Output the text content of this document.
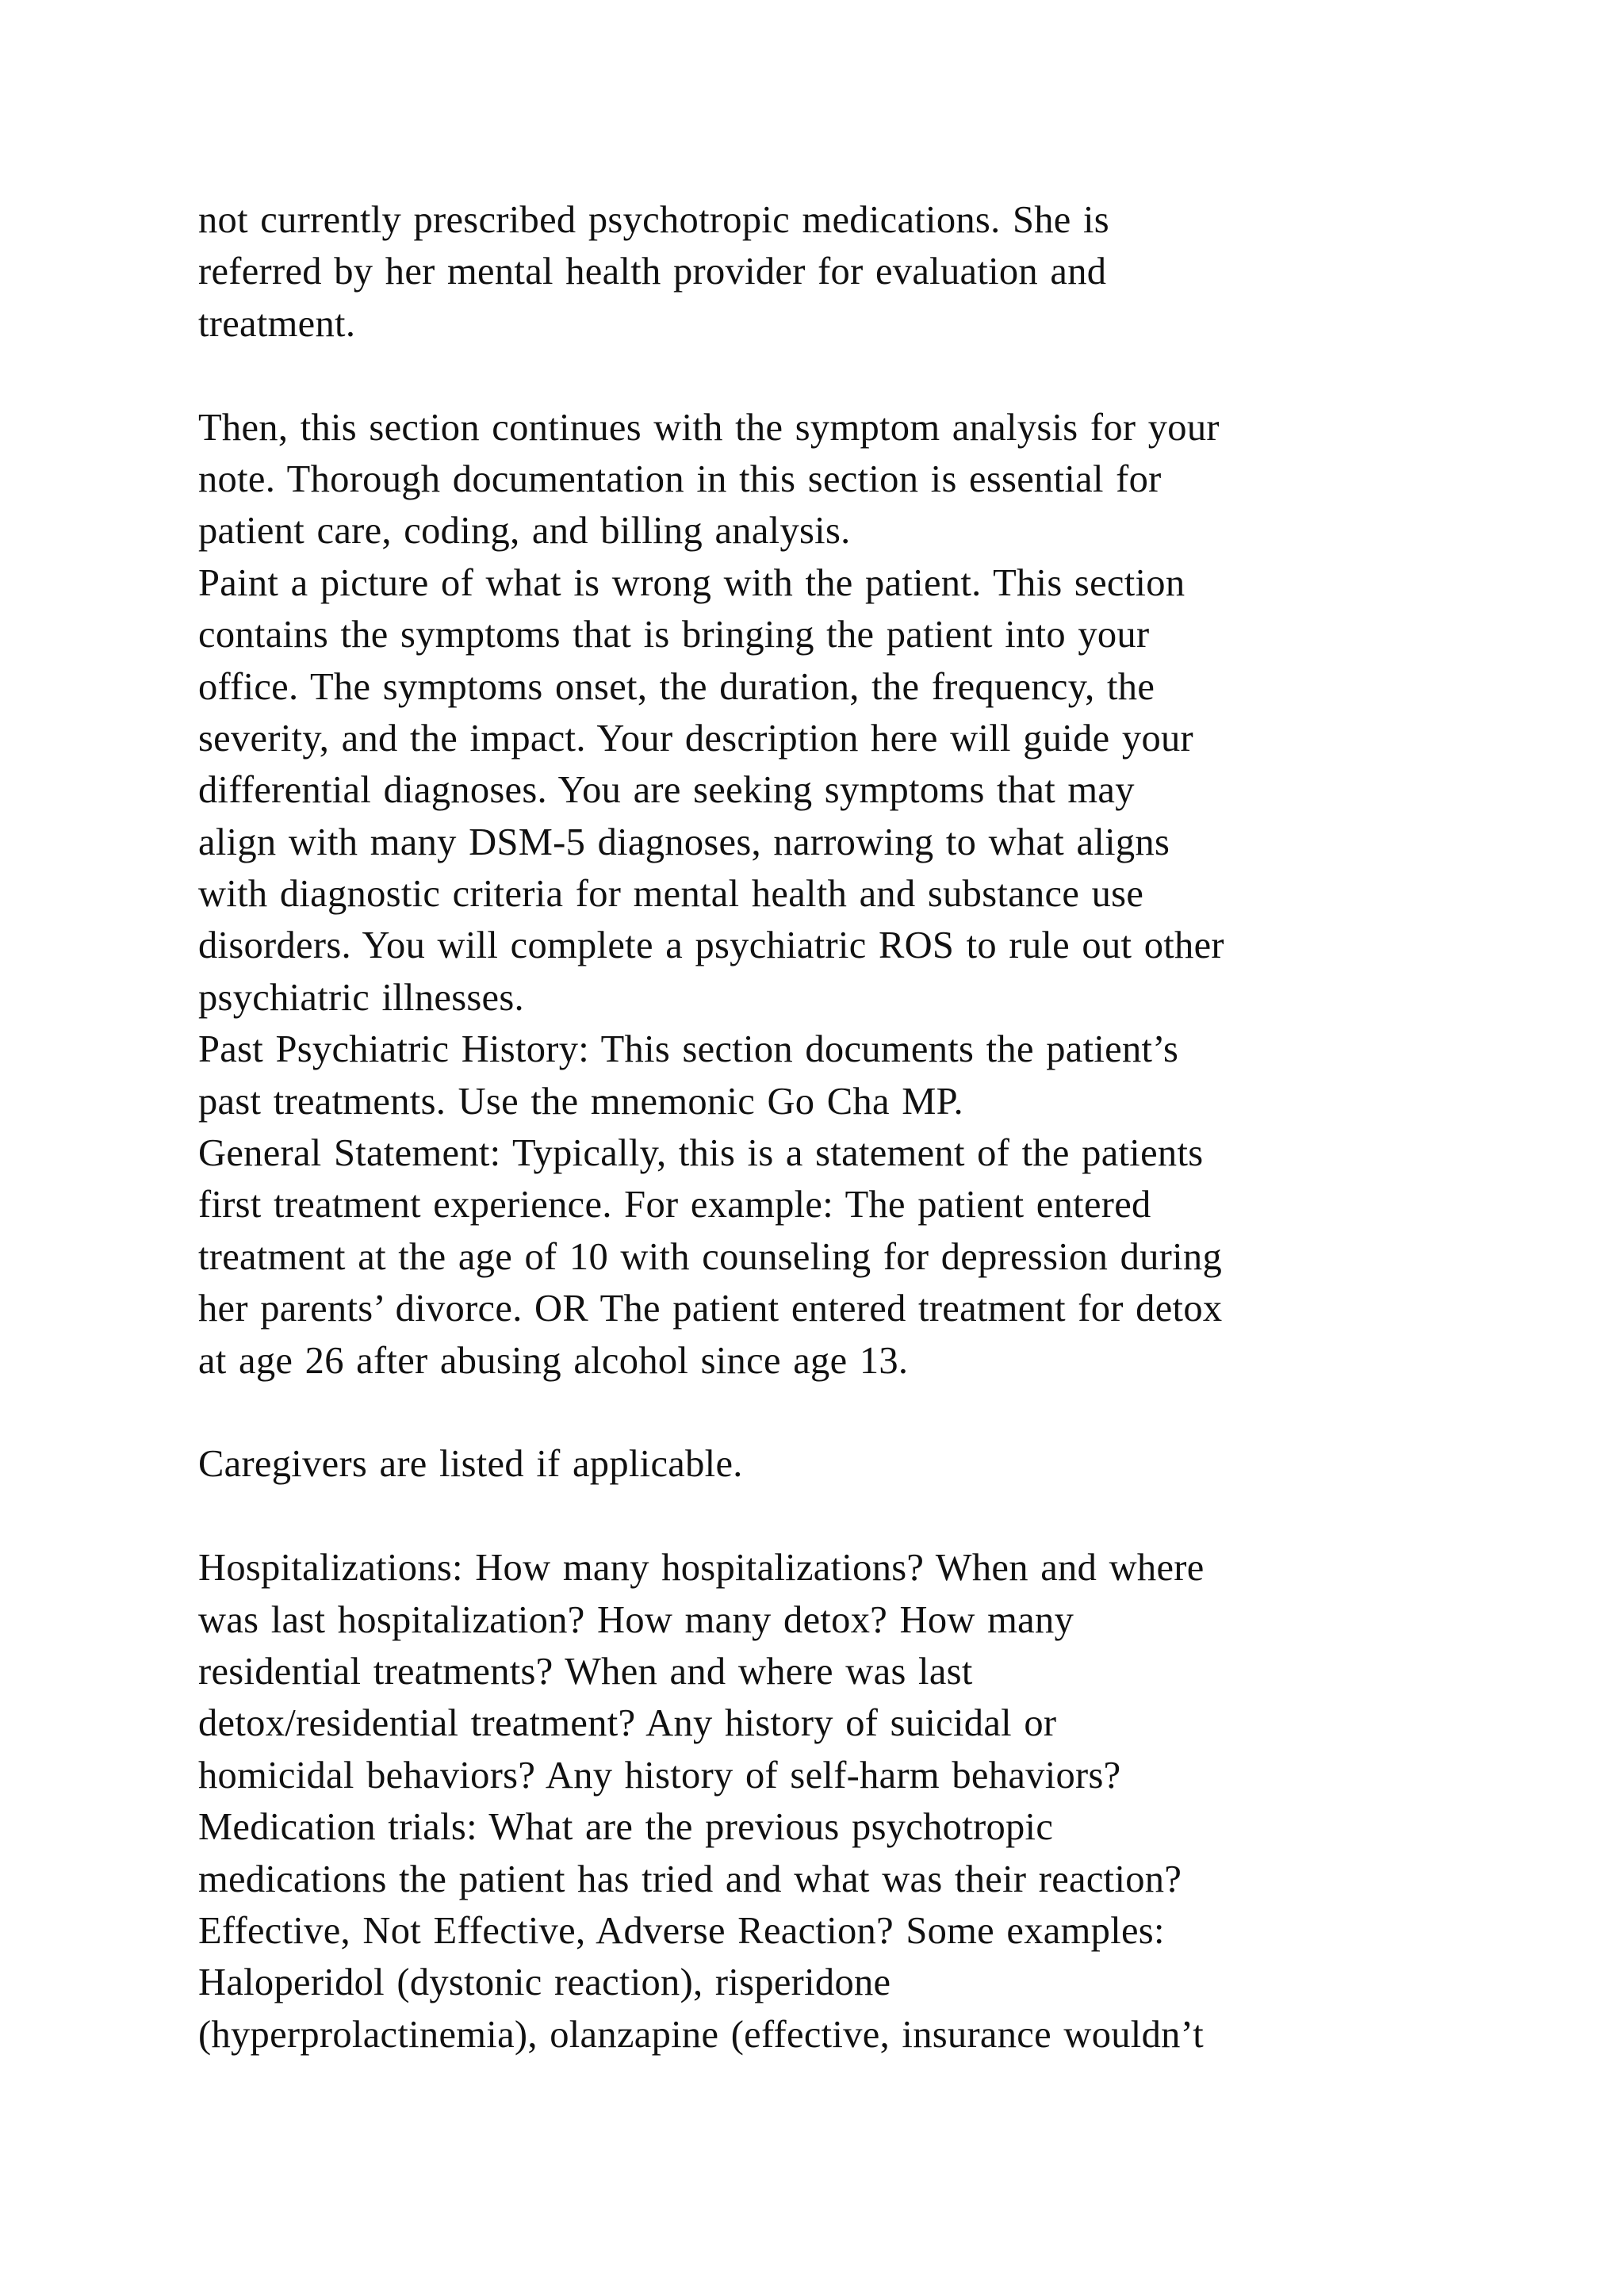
not currently prescribed psychotropic medications. She is
referred by her mental health provider for evaluation and
treatment.
Then, this section continues with the symptom analysis for your
note. Thorough documentation in this section is essential for
patient care, coding, and billing analysis.
Paint a picture of what is wrong with the patient. This section
contains the symptoms that is bringing the patient into your
office. The symptoms onset, the duration, the frequency, the
severity, and the impact. Your description here will guide your
differential diagnoses. You are seeking symptoms that may
align with many DSM-5 diagnoses, narrowing to what aligns
with diagnostic criteria for mental health and substance use
disorders. You will complete a psychiatric ROS to rule out other
psychiatric illnesses.
Past Psychiatric History: This section documents the patient’s
past treatments. Use the mnemonic Go Cha MP.
General Statement: Typically, this is a statement of the patients
first treatment experience. For example: The patient entered
treatment at the age of 10 with counseling for depression during
her parents’ divorce. OR The patient entered treatment for detox
at age 26 after abusing alcohol since age 13.
Caregivers are listed if applicable.
Hospitalizations: How many hospitalizations? When and where
was last hospitalization? How many detox? How many
residential treatments? When and where was last
detox/residential treatment? Any history of suicidal or
homicidal behaviors? Any history of self-harm behaviors?
Medication trials: What are the previous psychotropic
medications the patient has tried and what was their reaction?
Effective, Not Effective, Adverse Reaction? Some examples:
Haloperidol (dystonic reaction), risperidone
(hyperprolactinemia), olanzapine (effective, insurance wouldn’t
